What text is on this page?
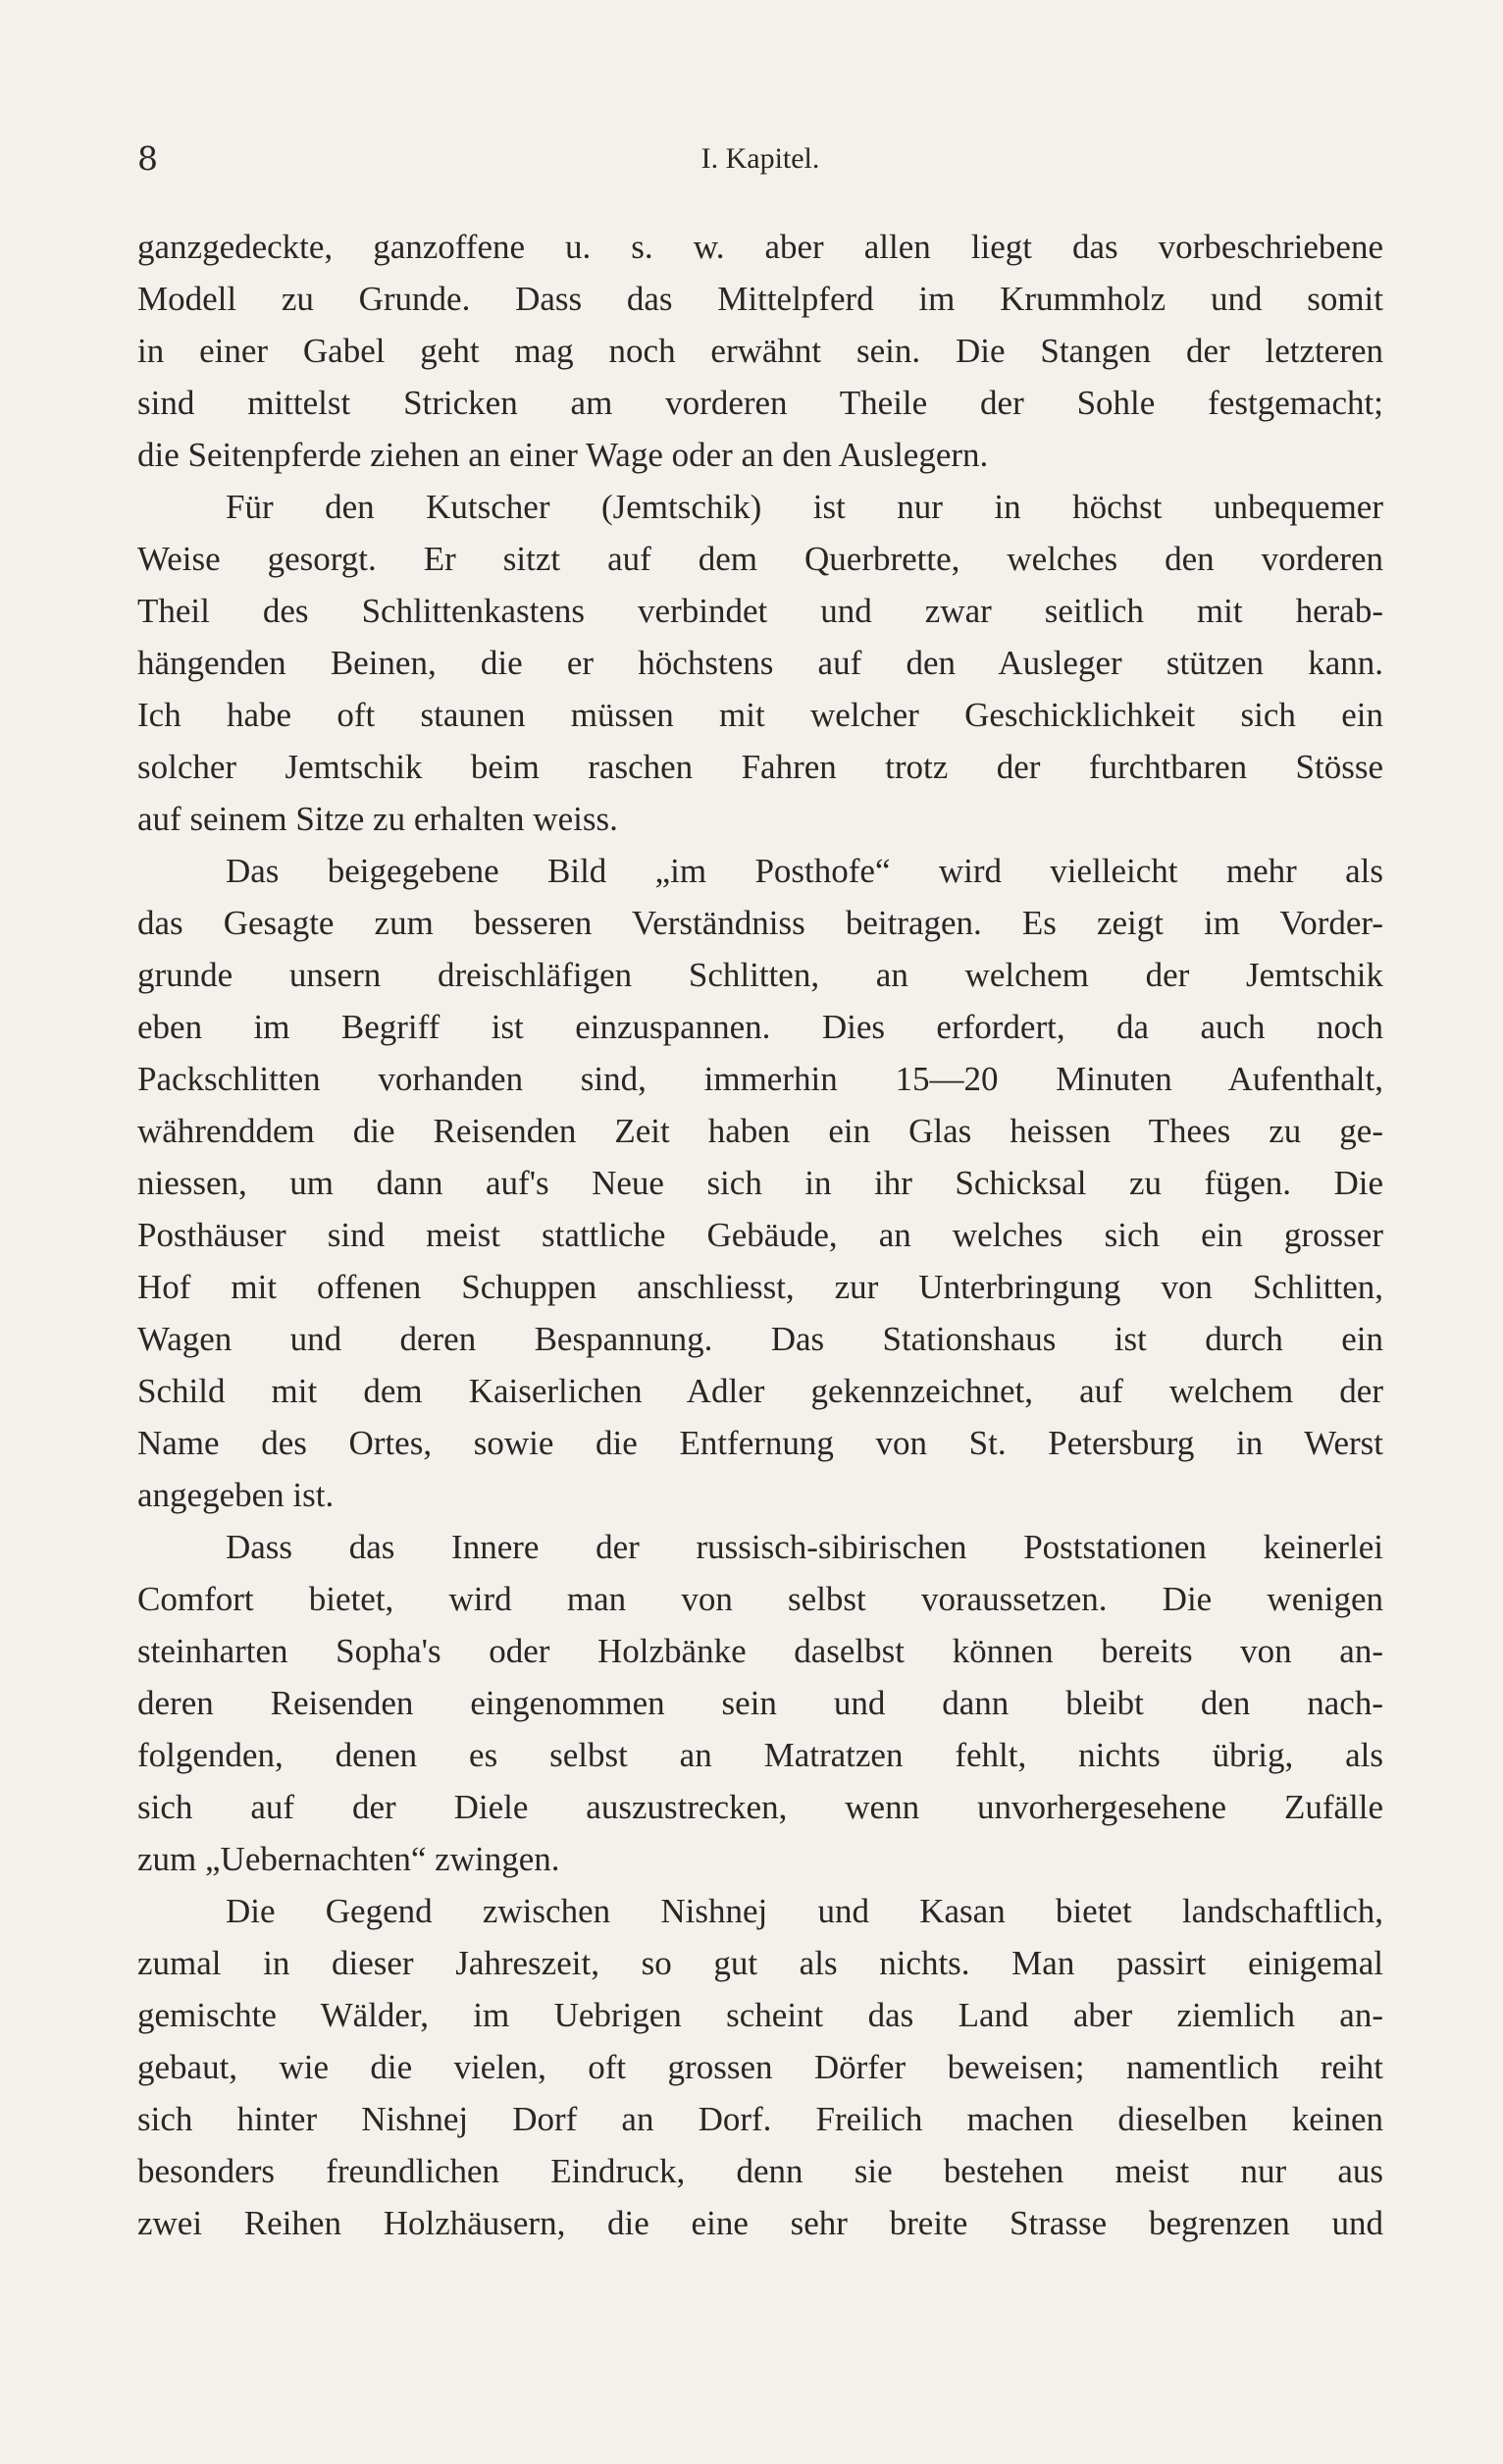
8	I. Kapitel.
ganzgedeckte, ganzoffene u. s. w. aber allen liegt das vorbeschriebene
Modell zu Grunde. Dass das Mittelpferd im Krummholz und somit
in einer Gabel geht mag noch erwähnt sein. Die Stangen der letzteren
sind mittelst Stricken am vorderen Theile der Sohle festgemacht;
die Seitenpferde ziehen an einer Wage oder an den Auslegern.
Für den Kutscher (Jemtschik) ist nur in höchst unbequemer
Weise gesorgt. Er sitzt auf dem Querbrette, welches den vorderen
Theil des Schlittenkastens verbindet und zwar seitlich mit herab-
hängenden Beinen, die er höchstens auf den Ausleger stützen kann.
Ich habe oft staunen müssen mit welcher Geschicklichkeit sich ein
solcher Jemtschik beim raschen Fahren trotz der furchtbaren Stösse
auf seinem Sitze zu erhalten weiss.
Das beigegebene Bild „im Posthofe“ wird vielleicht mehr als
das Gesagte zum besseren Verständniss beitragen. Es zeigt im Vorder-
grunde unsern dreischläfigen Schlitten, an welchem der Jemtschik
eben im Begriff ist einzuspannen. Dies erfordert, da auch noch
Packschlitten vorhanden sind, immerhin 15—20 Minuten Aufenthalt,
währenddem die Reisenden Zeit haben ein Glas heissen Thees zu ge-
niessen, um dann auf's Neue sich in ihr Schicksal zu fügen. Die
Posthäuser sind meist stattliche Gebäude, an welches sich ein grosser
Hof mit offenen Schuppen anschliesst, zur Unterbringung von Schlitten,
Wagen und deren Bespannung. Das Stationshaus ist durch ein
Schild mit dem Kaiserlichen Adler gekennzeichnet, auf welchem der
Name des Ortes, sowie die Entfernung von St. Petersburg in Werst
angegeben ist.
Dass das Innere der russisch-sibirischen Poststationen keinerlei
Comfort bietet, wird man von selbst voraussetzen. Die wenigen
steinharten Sopha's oder Holzbänke daselbst können bereits von an-
deren Reisenden eingenommen sein und dann bleibt den nach-
folgenden, denen es selbst an Matratzen fehlt, nichts übrig, als
sich auf der Diele auszustrecken, wenn unvorhergesehene Zufälle
zum „Uebernachten“ zwingen.
Die Gegend zwischen Nishnej und Kasan bietet landschaftlich,
zumal in dieser Jahreszeit, so gut als nichts. Man passirt einigemal
gemischte Wälder, im Uebrigen scheint das Land aber ziemlich an-
gebaut, wie die vielen, oft grossen Dörfer beweisen; namentlich reiht
sich hinter Nishnej Dorf an Dorf. Freilich machen dieselben keinen
besonders freundlichen Eindruck, denn sie bestehen meist nur aus
zwei Reihen Holzhäusern, die eine sehr breite Strasse begrenzen und
